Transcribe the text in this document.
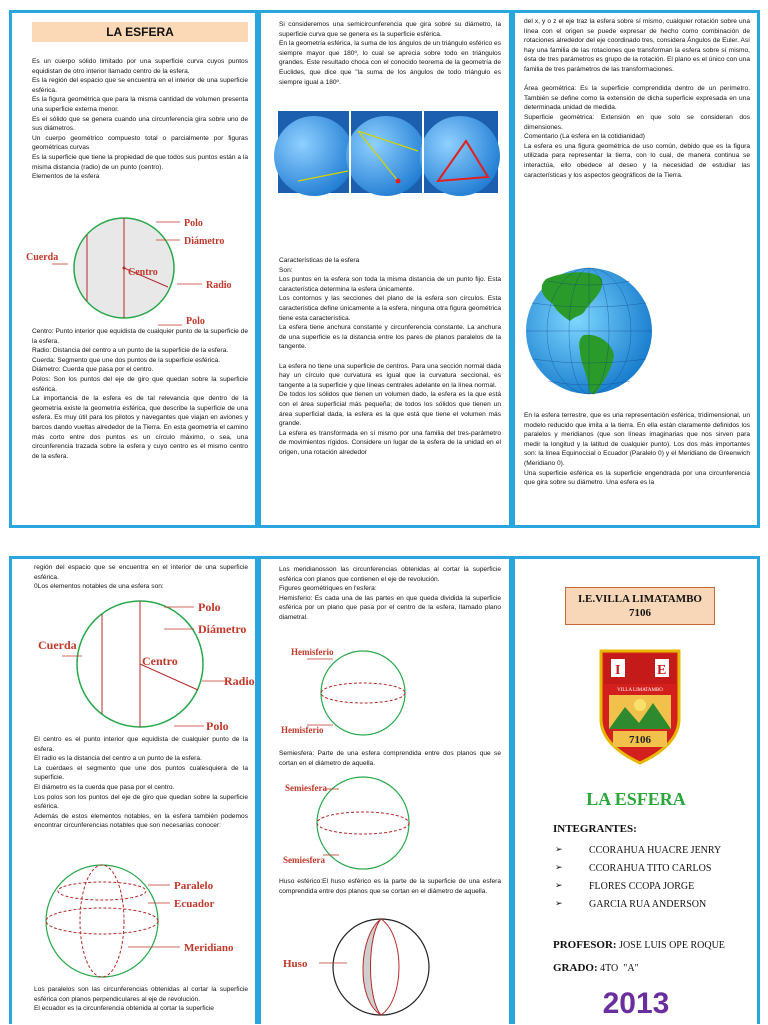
LA ESFERA

Es un cuerpo sólido limitado por una superficie curva cuyos puntos equidistan de otro interior llamado centro de la esfera.

Es la región del espacio que se encuentra en el interior de una superficie esférica.

Es la figura geométrica que para la misma cantidad de volumen presenta una superficie externa menor.

Es el sólido que se genera cuando una circunferencia gira sobre uno de sus diámetros.

Un cuerpo geométrico compuesto total o parcialmente por figuras geométricas curvas

Es la superficie que tiene la propiedad de que todos sus puntos están a la misma distancia (radio) de un punto (centro).

Elementos de la esfera

Polo
Diámetro
Cuerda
Centro
Radio
Polo

Centro: Punto interior que equidista de cualquier punto de la superficie de la esfera.

Radio: Distancia del centro a un punto de la superficie de la esfera.

Cuerda: Segmento que une dos puntos de la superficie esférica.

Diámetro: Cuerda que pasa por el centro.

Polos: Son los puntos del eje de giro que quedan sobre la superficie esférica.

La importancia de la esfera es de tal relevancia que dentro de la geometría existe la geometría esférica, que describe la superficie de una esfera. Es muy útil para los pilotos y navegantes que viajan en aviones y barcos dando vueltas alrededor de la Tierra. En esta geometría el camino más corto entre dos puntos es un círculo máximo, o sea, una circunferencia trazada sobre la esfera y cuyo centro es el mismo centro de la esfera.

Si consideremos una semicircunferencia que gira sobre su diámetro, la superficie curva que se genera es la superficie esférica.

En la geometría esférica, la suma de los ángulos de un triángulo esférico es siempre mayor que 180º, lo cual se aprecia sobre todo en triángulos grandes. Este resultado choca con el conocido teorema de la geometría de Euclides, que dice que "la suma de los ángulos de todo triángulo es siempre igual a 180º.

Características de la esfera

Son:

Los puntos en la esfera son toda la misma distancia de un punto fijo. Esta característica determina la esfera únicamente.

Los contornos y las secciones del plano de la esfera son círculos. Esta característica define únicamente a la esfera, ninguna otra figura geométrica tiene esta característica.

La esfera tiene anchura constante y circunferencia constante. La anchura de una superficie es la distancia entre los pares de planos paralelos de la tangente.

La esfera no tiene una superficie de centros. Para una sección normal dada hay un círculo que curvatura es igual que la curvatura seccional, es tangente a la superficie y que líneas centrales adelante en la línea normal.

De todos los sólidos que tienen un volumen dado, la esfera es la que está con el área superficial más pequeña; de todos los sólidos que tienen un área superficial dada, la esfera es la que está que tiene el volumen más grande.

La esfera es transformada en sí mismo por una familia del tres-parámetro de movimientos rígidos. Considere un lugar de la esfera de la unidad en el origen, una rotación alrededor

del x, y o z el eje traz la esfera sobre sí mismo, cualquier rotación sobre una línea con el origen se puede expresar de hecho como combinación de rotaciones alrededor del eje coordinado tres, considera Ángulos de Euler. Así hay una familia de las rotaciones que transforman la esfera sobre sí mismo, ésta de tres parámetros es grupo de la rotación. El plano es el único con una familia de tres parámetros de las transformaciones.

Área geométrica: Es la superficie comprendida dentro de un perímetro. También se define como la extensión de dicha superficie expresada en una determinada unidad de medida.

Superficie geométrica: Extensión en que solo se consideran dos dimensiones.

Comentario (La esfera en la cotidianidad)

La esfera es una figura geométrica de uso común, debido que es la figura utilizada para representar la tierra, con lo cual, de manera continua se interactúa, ello obedece al deseo y la necesidad de estudiar las características y los aspectos geográficos de la Tierra.

En la esfera terrestre, que es una representación esférica, tridimensional, un modelo reducido que imita a la tierra. En ella están claramente definidos los paralelos y meridianos (que son líneas imaginarias que nos sirven para medir la longitud y la latitud de cualquier punto). Los dos más importantes son: la línea Equinoccial o Ecuador (Paralelo 0) y el Meridiano de Greenwich (Meridiano 0).

Una superficie esférica es la superficie engendrada por una circunferencia que gira sobre su diámetro. Una esfera es la

región del espacio que se encuentra en el interior de una superficie esférica.

0Los elementos notables de una esfera son:

Polo
Diámetro
Cuerda
Centro
Radio
Polo

El centro es el punto interior que equidista de cualquier punto de la esfera.

El radio es la distancia del centro a un punto de la esfera.

La cuerdaes el segmento que une dos puntos cualesquiera de la superficie.

El diámetro es la cuerda que pasa por el centro.

Los polos son los puntos del eje de giro que quedan sobre la superficie esférica.

Además de estos elementos notables, en la esfera también podemos encontrar circunferencias notables que son necesarias conocer:

Paralelo
Ecuador
Meridiano

Los paralelos son las circunferencias obtenidas al cortar la superficie esférica con planos perpendiculares al eje de revolución.

El ecuador es la circunferencia obtenida al cortar la superficie

Los meridianosson las circunferencias obtenidas al cortar la superficie esférica con planos que contienen el eje de revolución.

Figures geométriques en l'esfera:

Hemisferio: Es cada una de las partes en que queda dividida la superficie esférica por un plano que pasa por el centro de la esfera, llamado plano diametral.

Hemisferio
Hemisferio

Semiesfera: Parte de una esfera comprendida entre dos planos que se cortan en el diámetro de aquella.

Semiesfera
Semiesfera

Huso esférico:El huso esférico es la parte de la superficie de una esfera comprendida entre dos planos que se cortan en el diámetro de aquella.

Huso
I.E.VILLA LIMATAMBO
7106
I	E
VILLA LIMATAMBO
7106
LA ESFERA
INTEGRANTES:
➢	CCORAHUA HUACRE JENRY
➢	CCORAHUA TITO CARLOS
➢	FLORES CCOPA JORGE
➢	GARCIA RUA ANDERSON
PROFESOR: JOSE LUIS OPE ROQUE
GRADO: 4TO  "A"
2013
